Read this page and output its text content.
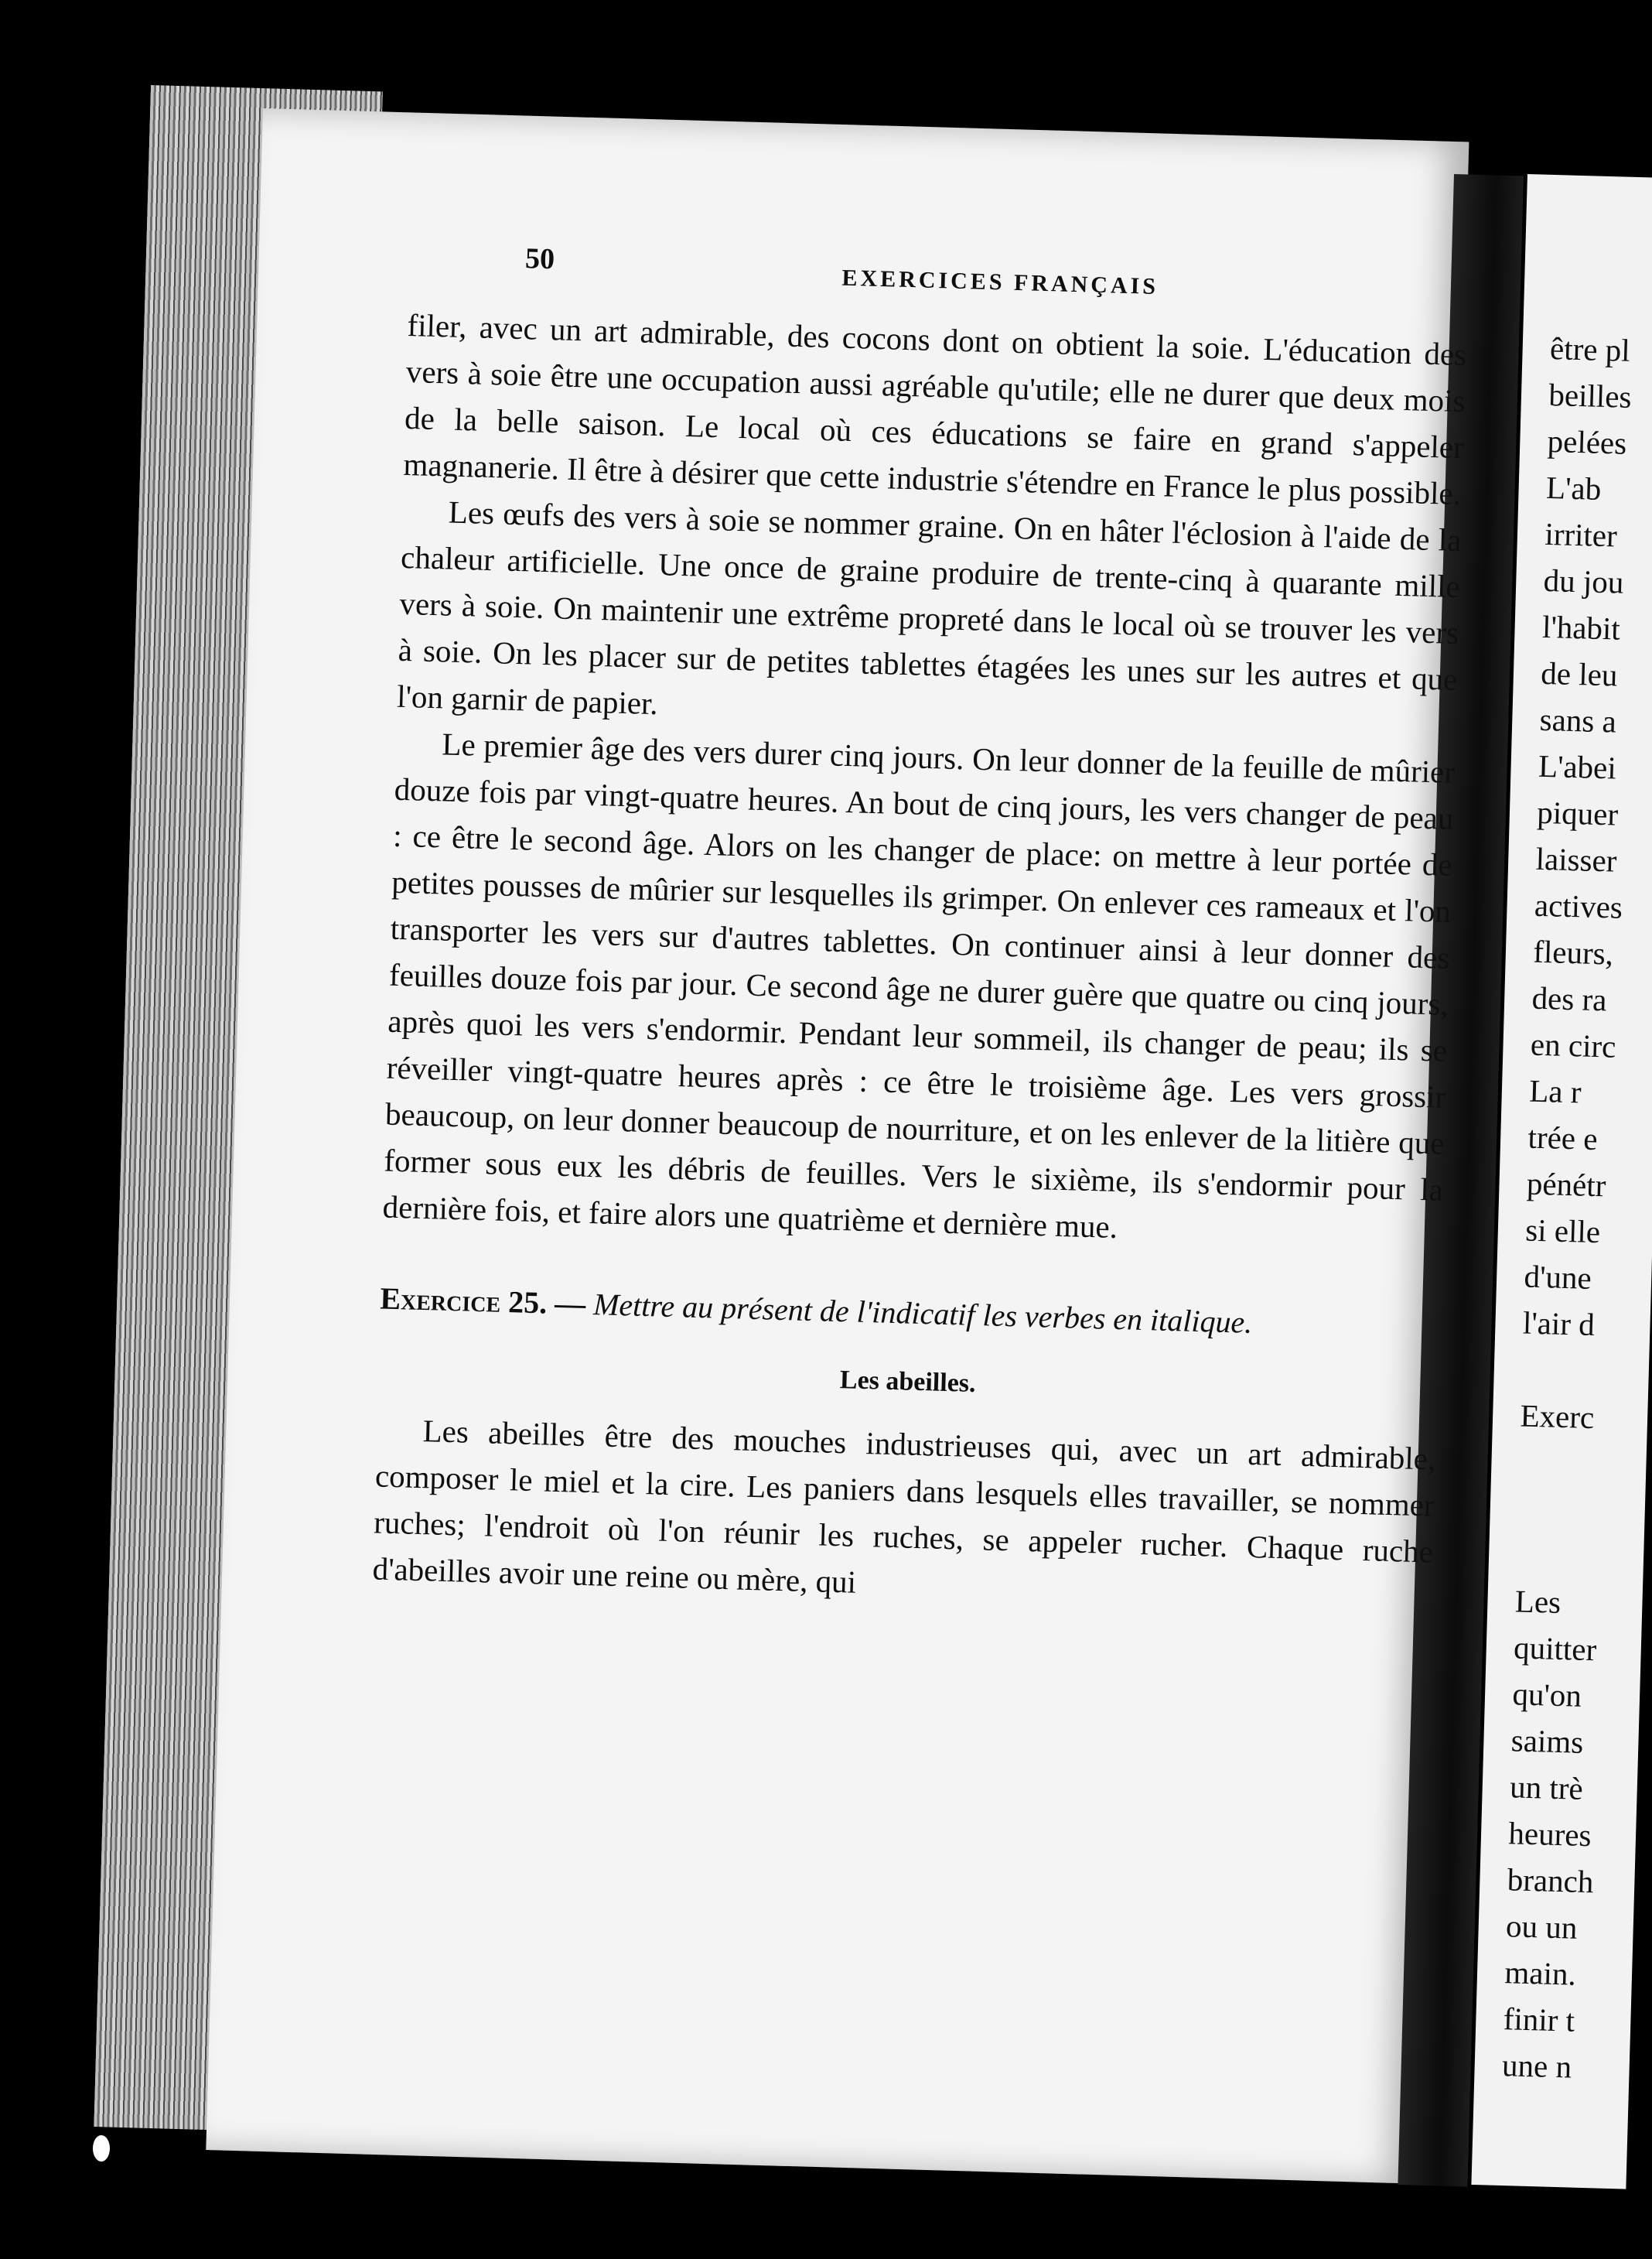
50
EXERCICES FRANÇAIS

filer, avec un art admirable, des cocons dont on obtient la soie. L'éducation des vers à soie être une occupation aussi agréable qu'utile; elle ne durer que deux mois de la belle saison. Le local où ces éducations se faire en grand s'appeler magnanerie. Il être à désirer que cette industrie s'étendre en France le plus possible.

Les œufs des vers à soie se nommer graine. On en hâter l'éclosion à l'aide de la chaleur artificielle. Une once de graine produire de trente-cinq à quarante mille vers à soie. On maintenir une extrême propreté dans le local où se trouver les vers à soie. On les placer sur de petites tablettes étagées les unes sur les autres et que l'on garnir de papier.

Le premier âge des vers durer cinq jours. On leur donner de la feuille de mûrier douze fois par vingt-quatre heures. An bout de cinq jours, les vers changer de peau : ce être le second âge. Alors on les changer de place: on mettre à leur portée de petites pousses de mûrier sur lesquelles ils grimper. On enlever ces rameaux et l'on transporter les vers sur d'autres tablettes. On continuer ainsi à leur donner des feuilles douze fois par jour. Ce second âge ne durer guère que quatre ou cinq jours, après quoi les vers s'endormir. Pendant leur sommeil, ils changer de peau; ils se réveiller vingt-quatre heures après : ce être le troisième âge. Les vers grossir beaucoup, on leur donner beaucoup de nourriture, et on les enlever de la litière que former sous eux les débris de feuilles. Vers le sixième, ils s'endormir pour la dernière fois, et faire alors une quatrième et dernière mue.

Exercice 25. — Mettre au présent de l'indicatif les verbes en italique.

Les abeilles.

Les abeilles être des mouches industrieuses qui, avec un art admirable, composer le miel et la cire. Les paniers dans lesquels elles travailler, se nommer ruches; l'endroit où l'on réunir les ruches, se appeler rucher. Chaque ruche d'abeilles avoir une reine ou mère, qui

être pl
beilles
pelées
L'ab
irriter
du jou
l'habit
de leu
sans a
L'abei
piquer
laisser
actives
fleurs,
des ra
en circ
La r
trée e
pénétr
si elle
d'une
l'air d
Exerc
Les
quitter
qu'on
saims
un trè
heures
branch
ou un
main.
finir t
une n
